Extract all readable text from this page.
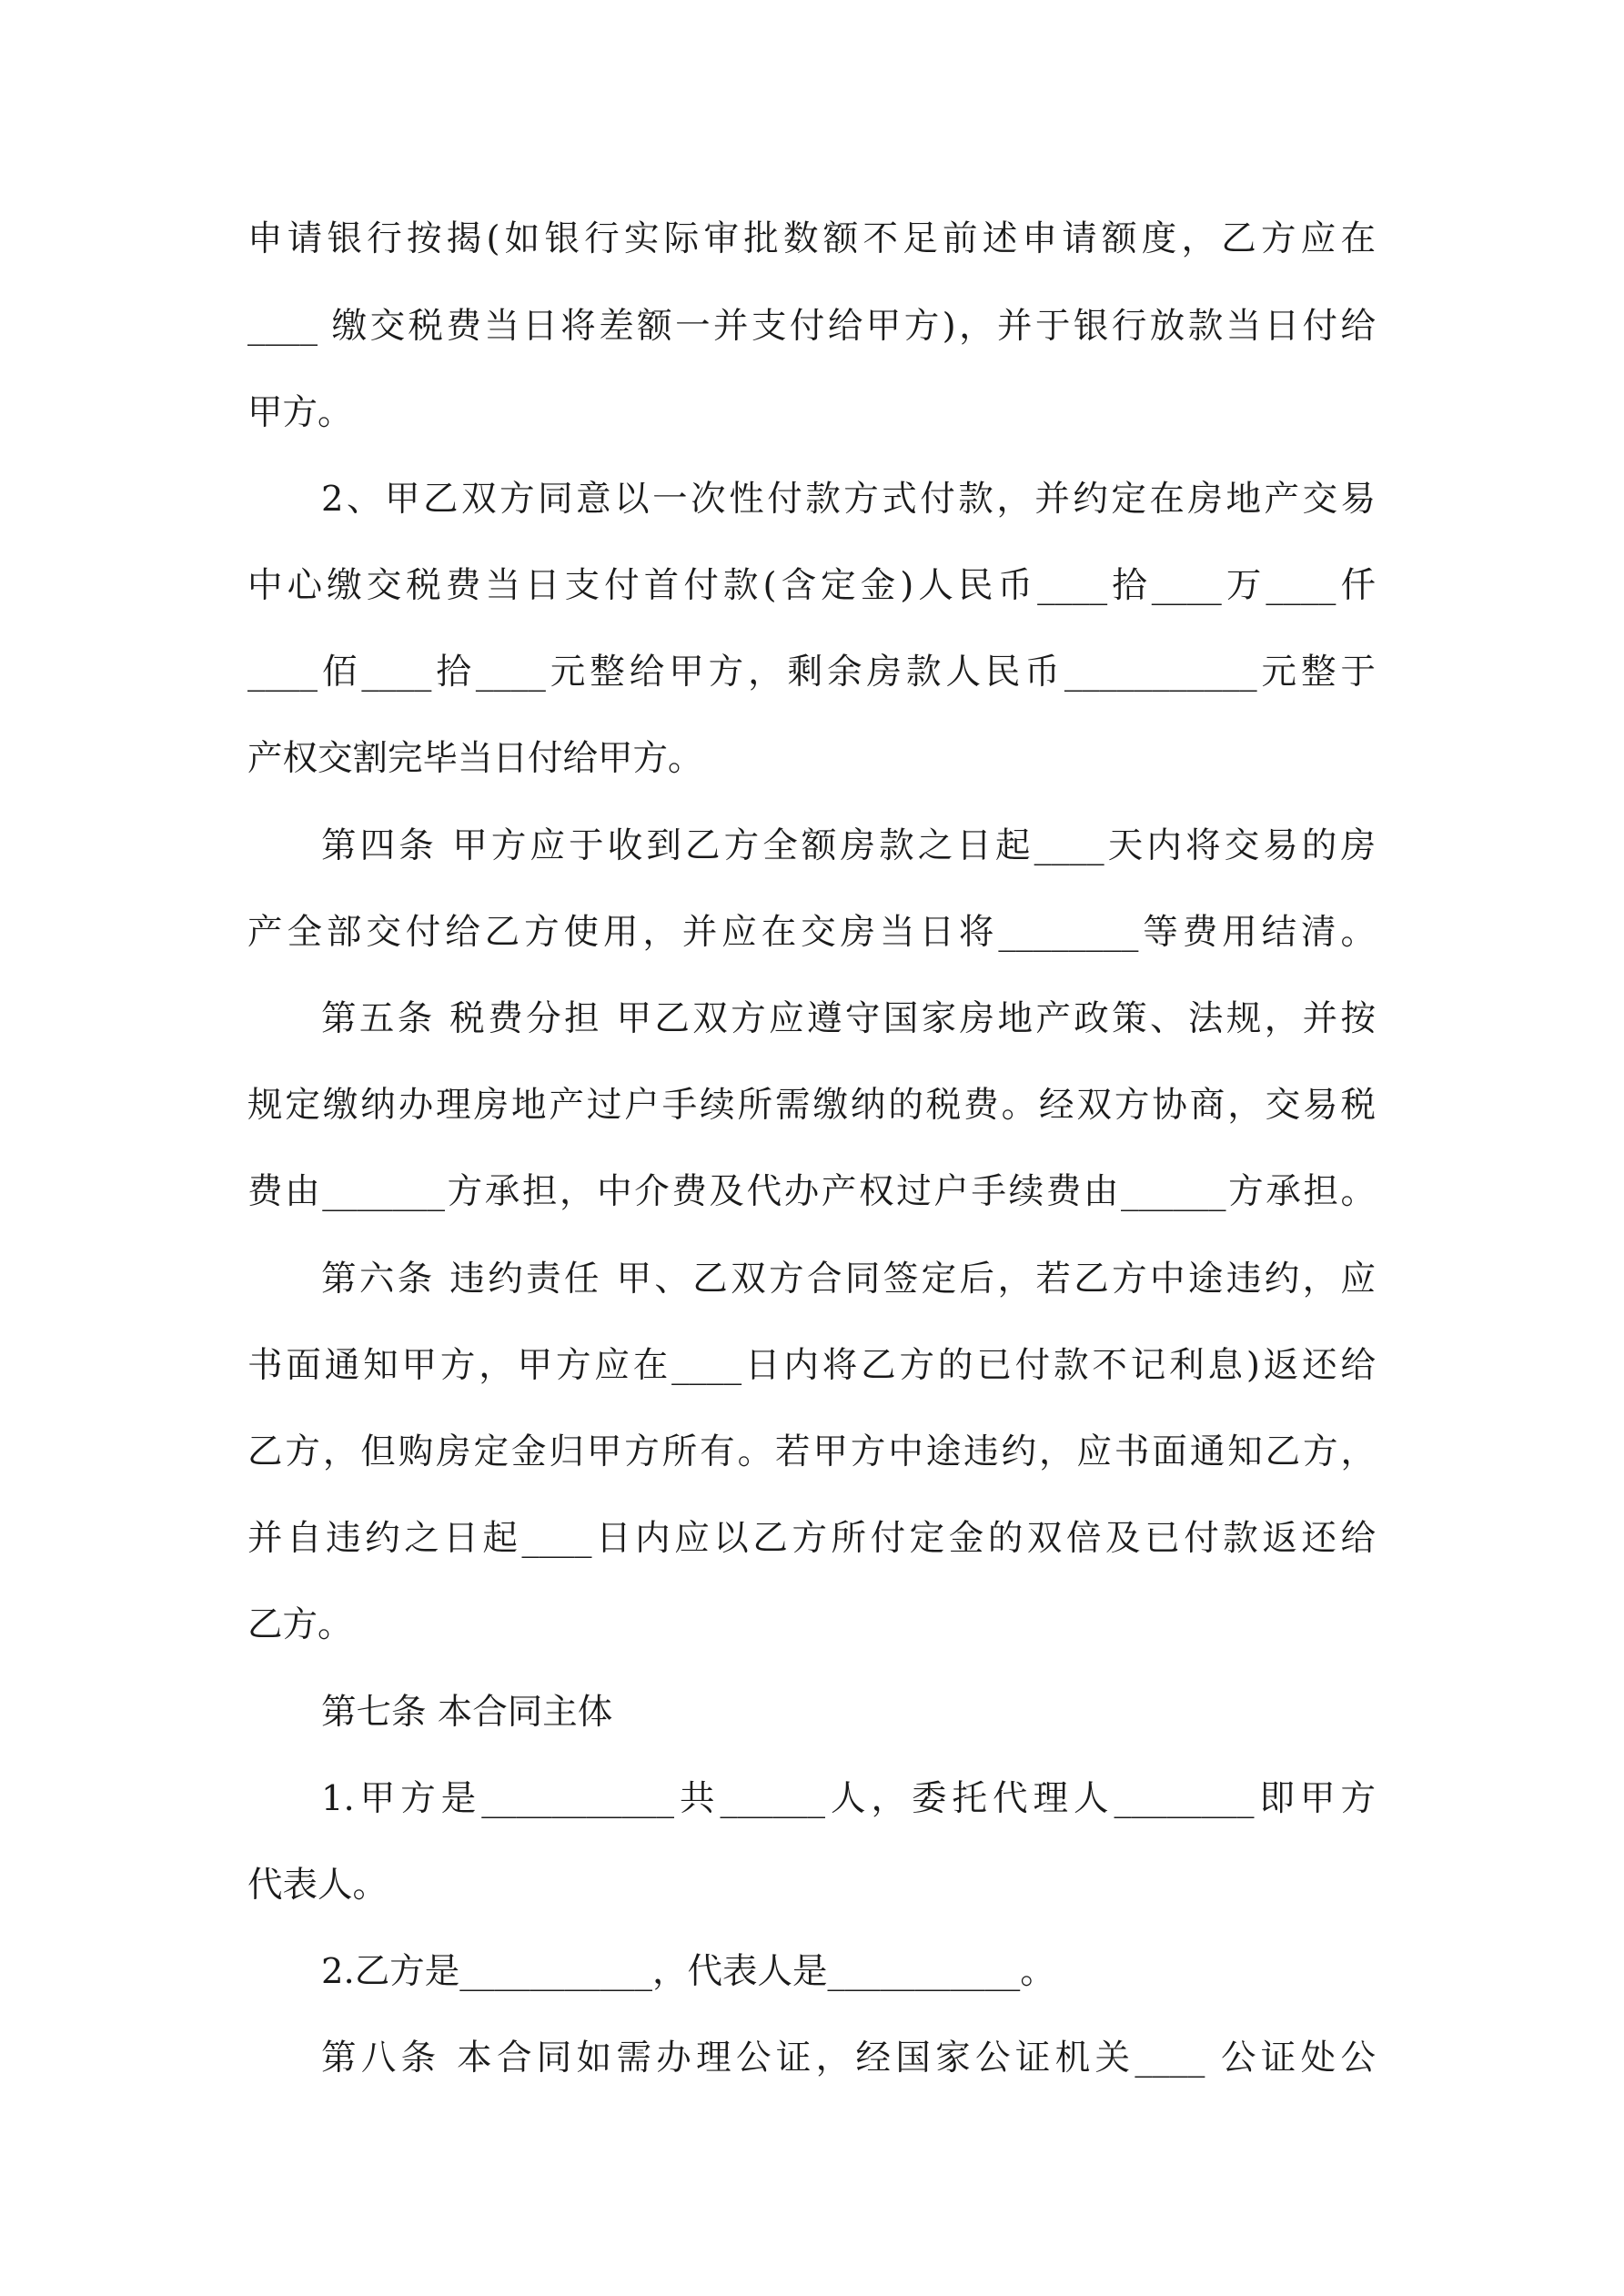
申请银行按揭(如银行实际审批数额不足前述申请额度，乙方应在
____ 缴交税费当日将差额一并支付给甲方)，并于银行放款当日付给
甲方。
2、甲乙双方同意以一次性付款方式付款，并约定在房地产交易
中心缴交税费当日支付首付款(含定金)人民币____拾____万____仟
____佰____拾____元整给甲方，剩余房款人民币___________元整于
产权交割完毕当日付给甲方。
第四条 甲方应于收到乙方全额房款之日起____天内将交易的房
产全部交付给乙方使用，并应在交房当日将________等费用结清。
第五条 税费分担 甲乙双方应遵守国家房地产政策、法规，并按
规定缴纳办理房地产过户手续所需缴纳的税费。经双方协商，交易税
费由_______方承担，中介费及代办产权过户手续费由______方承担。
第六条 违约责任 甲、乙双方合同签定后，若乙方中途违约，应
书面通知甲方，甲方应在____日内将乙方的已付款不记利息)返还给
乙方，但购房定金归甲方所有。若甲方中途违约，应书面通知乙方，
并自违约之日起____日内应以乙方所付定金的双倍及已付款返还给
乙方。
第七条 本合同主体
1.甲方是___________共______人，委托代理人________即甲方
代表人。
2.乙方是___________，代表人是___________。
第八条 本合同如需办理公证，经国家公证机关____ 公证处公
